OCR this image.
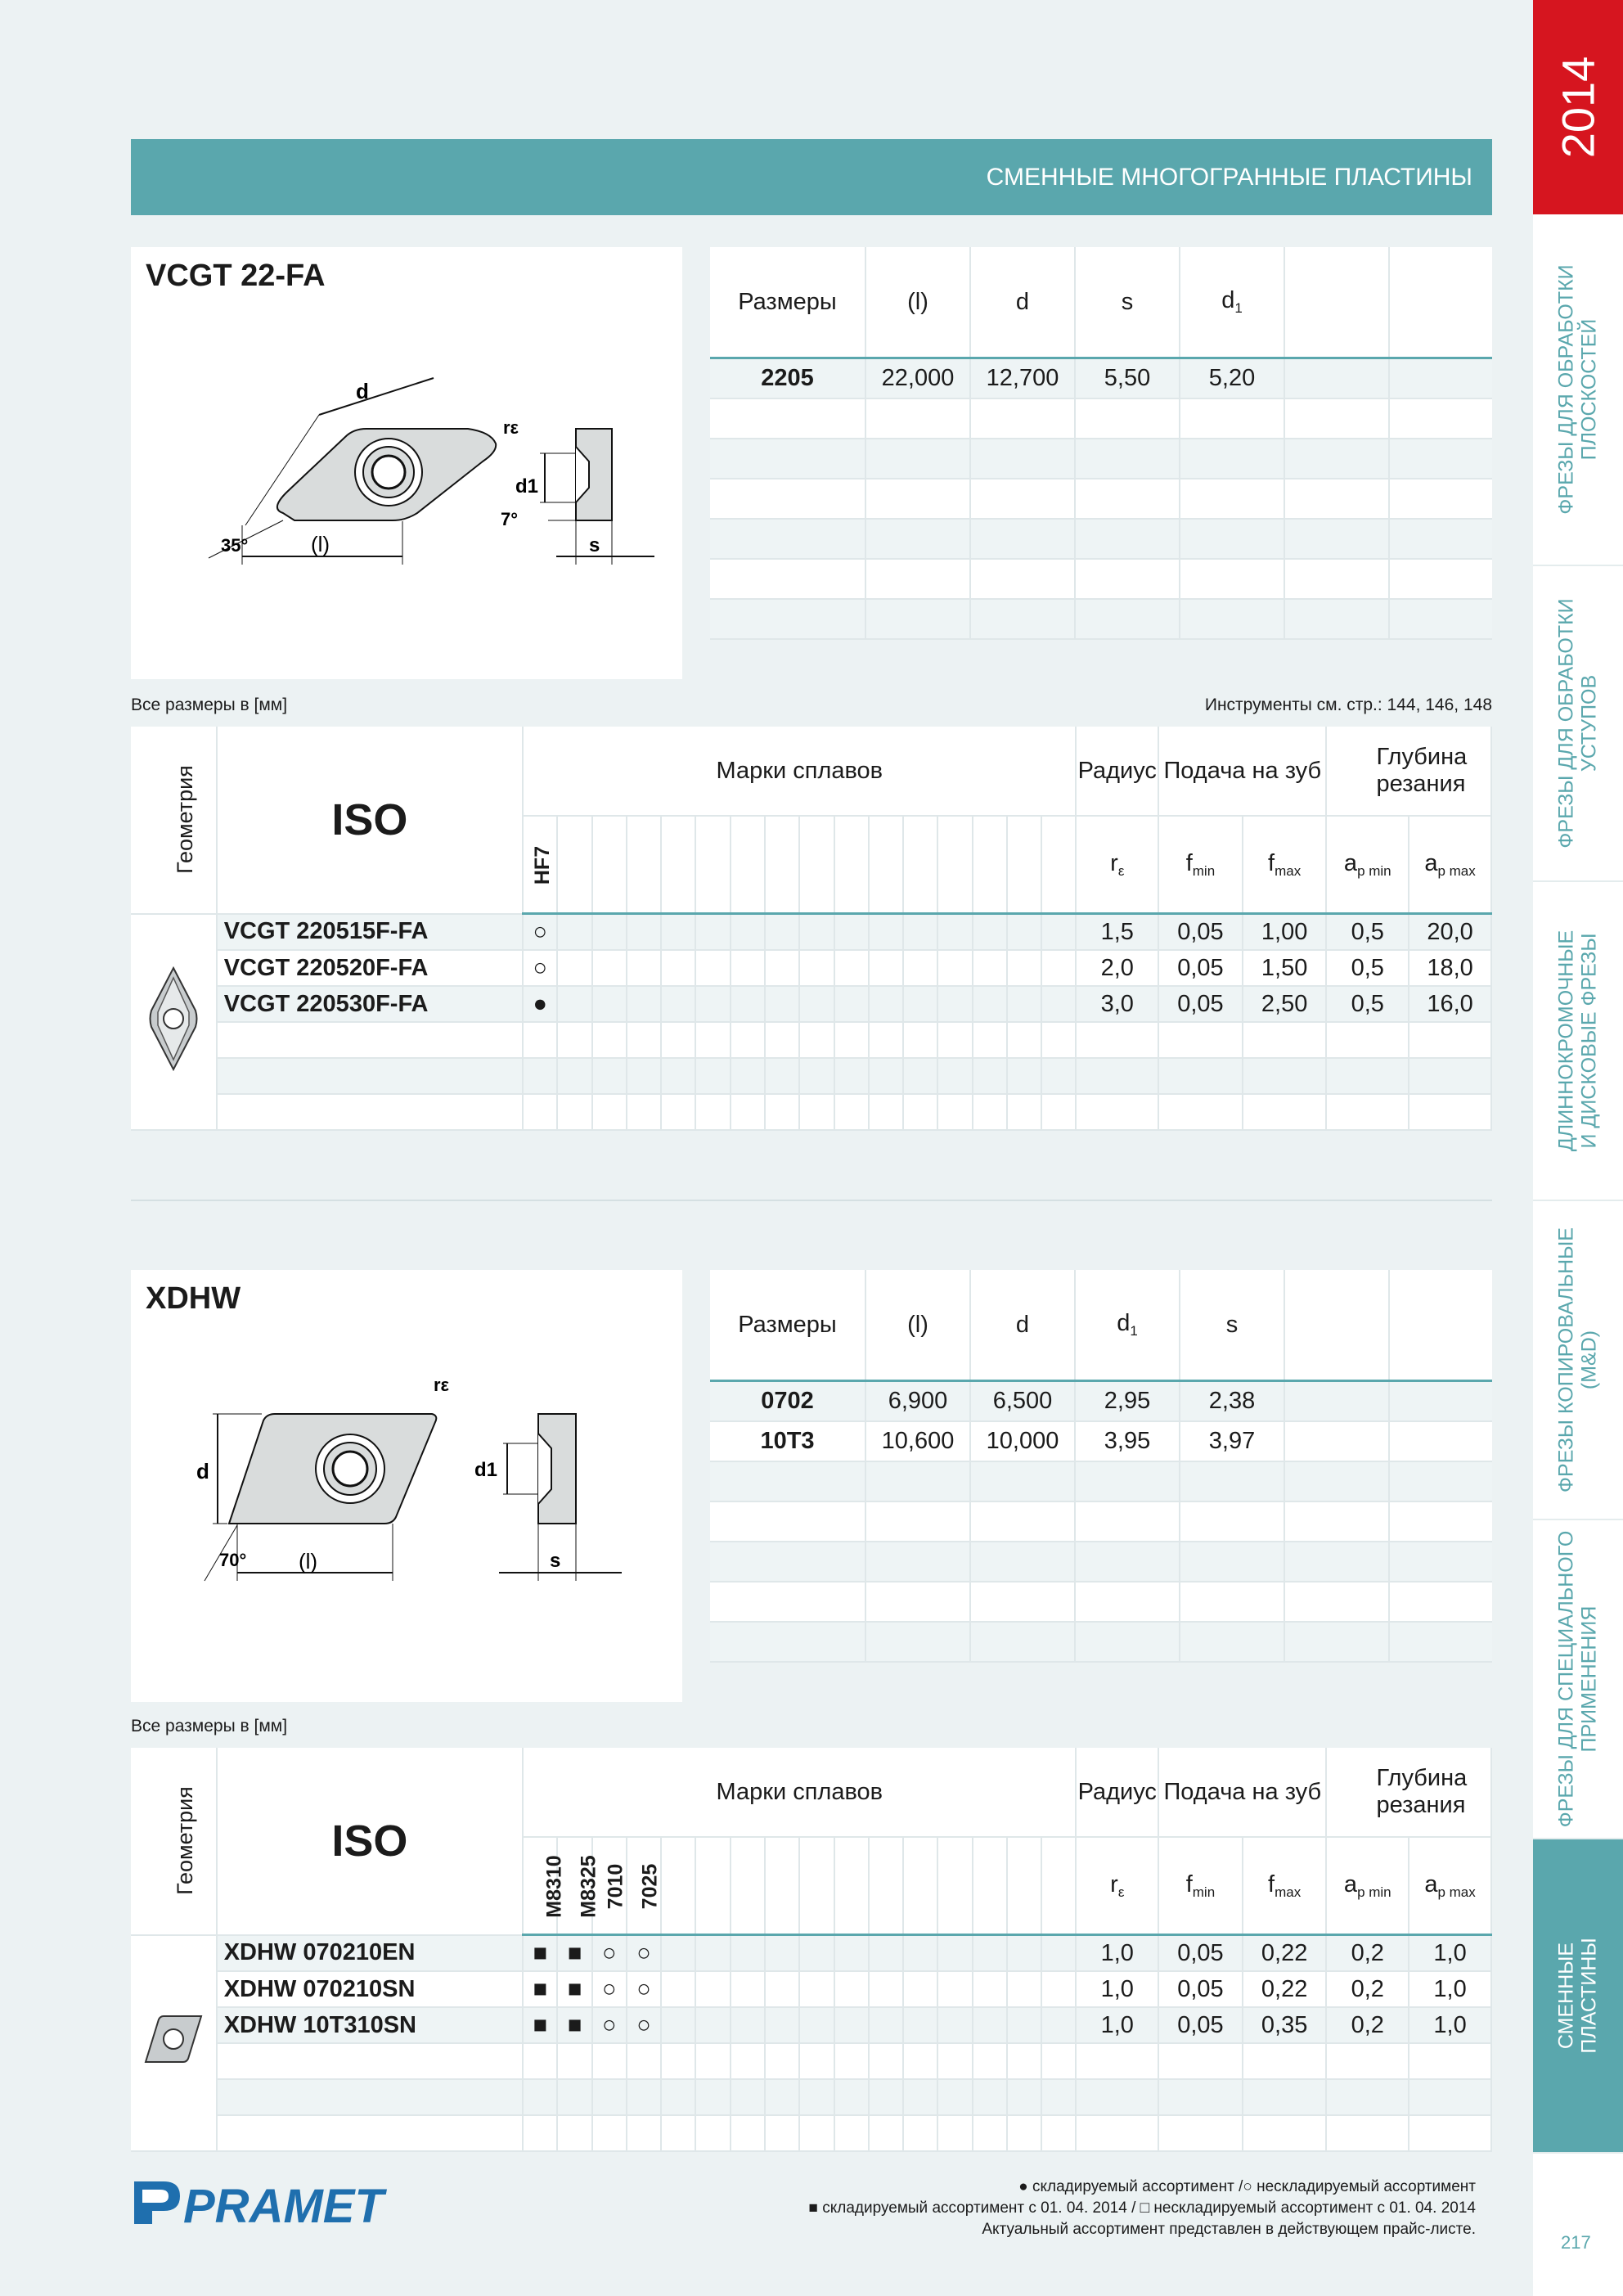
СМЕННЫЕ МНОГОГРАННЫЕ ПЛАСТИНЫ
2014
ФРЕЗЫ ДЛЯ ОБРАБОТКИ
ПЛОСКОСТЕЙ
ФРЕЗЫ ДЛЯ ОБРАБОТКИ
УСТУПОВ
ДЛИННОКРОМОЧНЫЕ
И ДИСКОВЫЕ ФРЕЗЫ
ФРЕЗЫ КОПИРОВАЛЬНЫЕ
(M&D)
ФРЕЗЫ ДЛЯ СПЕЦИАЛЬНОГО
ПРИМЕНЕНИЯ
СМЕННЫЕ
ПЛАСТИНЫ
217
VCGT 22-FA
d
(l)
35°
rε
d1
7°
s
Размеры	(l)	d	s	$d_1$		
2205	22,000	12,700	5,50	5,20		

Все размеры в [мм]	Инструменты см. стр.: 144, 146, 148
Геометрия	ISO	Марки сплавов																Радиус	Подача на зуб		Глубина резания	
		HF7																$r_\varepsilon$	$f_{min}$	$f_{max}$	$a_{p min}$	$a_{p max}$
	VCGT 220515F-FA	○																1,5	0,05	1,00	0,5	20,0
	VCGT 220520F-FA	○																2,0	0,05	1,50	0,5	18,0
	VCGT 220530F-FA	●																3,0	0,05	2,50	0,5	16,0

XDHW
d
(l)
70°
rε
d1
s
Размеры	(l)	d	$d_1$	s		
0702	6,900	6,500	2,95	2,38		
10T3	10,600	10,000	3,95	3,97		

Все размеры в [мм]
Геометрия	ISO	Марки сплавов																Радиус	Подача на зуб		Глубина резания	
		M8310	M8325	7010	7025													$r_\varepsilon$	$f_{min}$	$f_{max}$	$a_{p min}$	$a_{p max}$
	XDHW 070210EN	■	■	○	○													1,0	0,05	0,22	0,2	1,0
	XDHW 070210SN	■	■	○	○													1,0	0,05	0,22	0,2	1,0
	XDHW 10T310SN	■	■	○	○													1,0	0,05	0,35	0,2	1,0

PRAMET	● складируемый ассортимент /○ нескладируемый ассортимент
■ складируемый ассортимент с 01. 04. 2014 / □ нескладируемый ассортимент с 01. 04. 2014
Актуальный ассортимент представлен в действующем прайс-листе.
